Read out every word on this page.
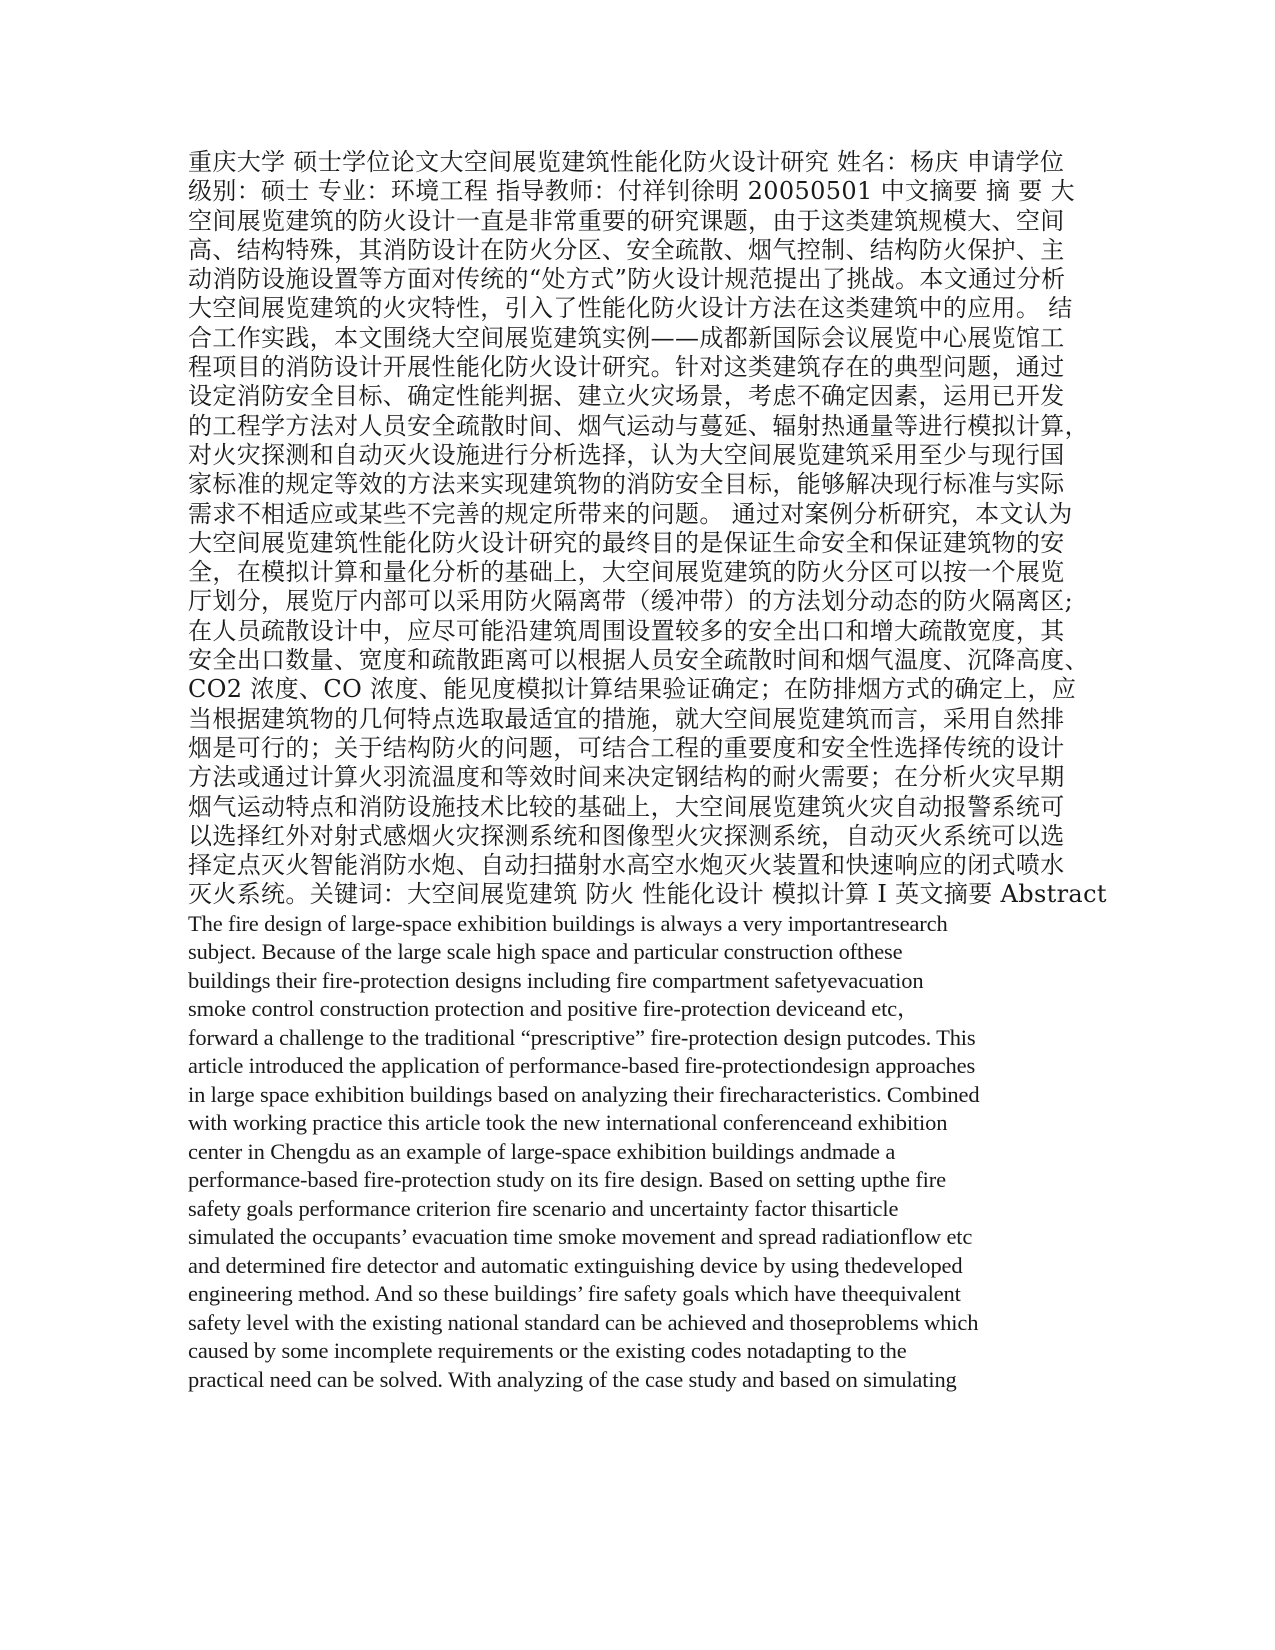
重庆大学 硕士学位论文大空间展览建筑性能化防火设计研究 姓名：杨庆 申请学位
级别：硕士 专业：环境工程 指导教师：付祥钊徐明 20050501 中文摘要 摘 要 大
空间展览建筑的防火设计一直是非常重要的研究课题，由于这类建筑规模大、空间
高、结构特殊，其消防设计在防火分区、安全疏散、烟气控制、结构防火保护、主
动消防设施设置等方面对传统的“处方式”防火设计规范提出了挑战。本文通过分析
大空间展览建筑的火灾特性，引入了性能化防火设计方法在这类建筑中的应用。 结
合工作实践，本文围绕大空间展览建筑实例——成都新国际会议展览中心展览馆工
程项目的消防设计开展性能化防火设计研究。针对这类建筑存在的典型问题，通过
设定消防安全目标、确定性能判据、建立火灾场景，考虑不确定因素，运用已开发
的工程学方法对人员安全疏散时间、烟气运动与蔓延、辐射热通量等进行模拟计算，
对火灾探测和自动灭火设施进行分析选择，认为大空间展览建筑采用至少与现行国
家标准的规定等效的方法来实现建筑物的消防安全目标，能够解决现行标准与实际
需求不相适应或某些不完善的规定所带来的问题。 通过对案例分析研究，本文认为
大空间展览建筑性能化防火设计研究的最终目的是保证生命安全和保证建筑物的安
全，在模拟计算和量化分析的基础上，大空间展览建筑的防火分区可以按一个展览
厅划分，展览厅内部可以采用防火隔离带（缓冲带）的方法划分动态的防火隔离区;
在人员疏散设计中，应尽可能沿建筑周围设置较多的安全出口和增大疏散宽度，其
安全出口数量、宽度和疏散距离可以根据人员安全疏散时间和烟气温度、沉降高度、
CO2 浓度、CO 浓度、能见度模拟计算结果验证确定；在防排烟方式的确定上，应
当根据建筑物的几何特点选取最适宜的措施，就大空间展览建筑而言，采用自然排
烟是可行的；关于结构防火的问题，可结合工程的重要度和安全性选择传统的设计
方法或通过计算火羽流温度和等效时间来决定钢结构的耐火需要；在分析火灾早期
烟气运动特点和消防设施技术比较的基础上，大空间展览建筑火灾自动报警系统可
以选择红外对射式感烟火灾探测系统和图像型火灾探测系统，自动灭火系统可以选
择定点灭火智能消防水炮、自动扫描射水高空水炮灭火装置和快速响应的闭式喷水
灭火系统。关键词：大空间展览建筑 防火 性能化设计 模拟计算 I 英文摘要 Abstract
The fire design of large-space exhibition buildings is always a very importantresearch
subject. Because of the large scale high space and particular construction ofthese
buildings their fire-protection designs including fire compartment safetyevacuation
smoke control construction protection and positive fire-protection deviceand etc，
forward a challenge to the traditional “prescriptive” fire-protection design putcodes. This
article introduced the application of performance-based fire-protectiondesign approaches
in large space exhibition buildings based on analyzing their firecharacteristics. Combined
with working practice this article took the new international conferenceand exhibition
center in Chengdu as an example of large-space exhibition buildings andmade a
performance-based fire-protection study on its fire design. Based on setting upthe fire
safety goals performance criterion fire scenario and uncertainty factor thisarticle
simulated the occupants’ evacuation time smoke movement and spread radiationflow etc
and determined fire detector and automatic extinguishing device by using thedeveloped
engineering method. And so these buildings’ fire safety goals which have theequivalent
safety level with the existing national standard can be achieved and thoseproblems which
caused by some incomplete requirements or the existing codes notadapting to the
practical need can be solved. With analyzing of the case study and based on simulating
